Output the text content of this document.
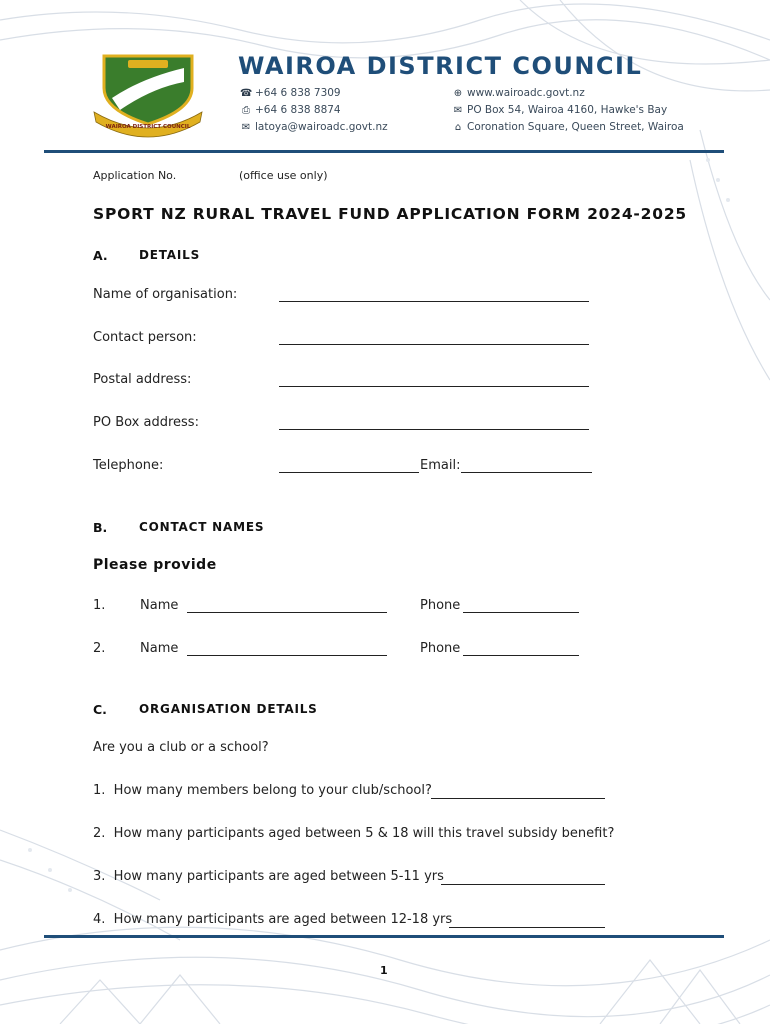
WAIROA DISTRICT COUNCIL
WAIROA DISTRICT COUNCIL
☎ +64 6 838 7309
⎙ +64 6 838 8874
✉ latoya@wairoadc.govt.nz
⊕ www.wairoadc.govt.nz
✉ PO Box 54, Wairoa 4160, Hawke's Bay
⌂ Coronation Square, Queen Street, Wairoa
Application No.	(office use only)
SPORT NZ RURAL TRAVEL FUND APPLICATION FORM 2024-2025
A.	DETAILS
Name of organisation:
Contact person:
Postal address:
PO Box address:
Telephone:	Email:
B.	CONTACT NAMES
Please provide
1.	Name	Phone
2.	Name	Phone
C.	ORGANISATION DETAILS
Are you a club or a school?
1.  How many members belong to your club/school?
2.  How many participants aged between 5 & 18 will this travel subsidy benefit?
3.  How many participants are aged between 5-11 yrs
4.  How many participants are aged between 12-18 yrs
1
